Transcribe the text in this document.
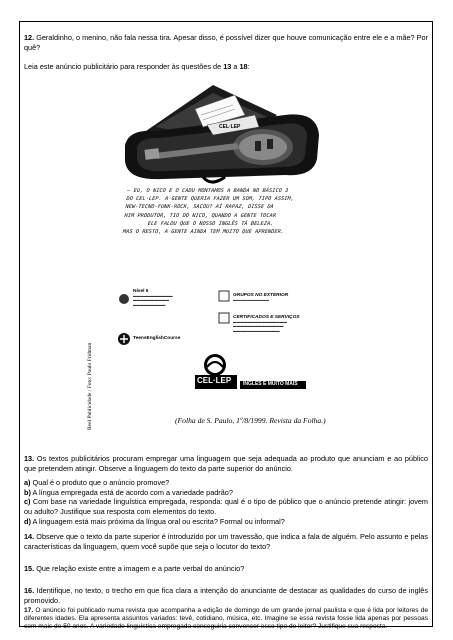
12. Geraldinho, o menino, não fala nessa tira. Apesar disso, é possível dizer que houve comunicação entre ele e a mãe? Por quê?

Leia este anúncio publicitário para responder às questões de 13 a 18:

CEL·LEP
— EU, O NICO E O CADU MONTAMOS A BANDA NO BÁSICO 3
DO CEL·LEP. A GENTE QUERIA FAZER UM SOM, TIPO ASSIM,
NEW-TECNO-FUNK-ROCK, SACOU? AÍ RAPAZ, DISSE DA
HIM PRODUTOR, TIO DO NICO, QUANDO A GENTE TOCAR
ELE FALOU QUE O NOSSO INGLÊS TÁ BELEZA.
MAS O RESTO, A GENTE AINDA TEM MUITO QUE APRENDER.
Reel Publicidade / Foto: Paulo Fridman
Nível 5
▬▬▬▬▬▬▬▬▬▬▬
▬▬▬▬▬▬▬▬▬▬
▬▬▬▬▬▬▬▬▬
GRUPOS NO EXTERIOR
▬▬▬▬▬▬▬▬▬▬
CERTIFICADOS E SERVIÇOS
▬▬▬▬▬▬▬▬▬▬▬▬▬▬▬
▬▬▬▬▬▬▬▬▬▬▬▬▬▬
▬▬▬▬▬▬▬▬▬▬▬▬▬
TeensEnglishCourse
CEL·LEP INGLÊS E MUITO MAIS
(Folha de S. Paulo, 1º/8/1999. Revista da Folha.)
13. Os textos publicitários procuram empregar uma linguagem que seja adequada ao produto que anunciam e ao público que pretendem atingir. Observe a linguagem do texto da parte superior do anúncio.
a) Qual é o produto que o anúncio promove?
b) A língua empregada está de acordo com a variedade padrão?
c) Com base na variedade linguística empregada, responda: qual é o tipo de público que o anúncio pretende atingir: jovem ou adulto? Justifique sua resposta com elementos do texto.
d) A linguagem está mais próxima da língua oral ou escrita? Formal ou informal?

14. Observe que o texto da parte superior é introduzido por um travessão, que indica a fala de alguém. Pelo assunto e pelas características da linguagem, quem você supõe que seja o locutor do texto?

15. Que relação existe entre a imagem e a parte verbal do anúncio?

16. Identifique, no texto, o trecho em que fica clara a intenção do anunciante de destacar as qualidades do curso de inglês promovido.

17. O anúncio foi publicado numa revista que acompanha a edição de domingo de um grande jornal paulista e que é lida por leitores de diferentes idades. Ela apresenta assuntos variados: tevê, cotidiano, música, etc. Imagine se essa revista fosse lida apenas por pessoas com mais de 50 anos. A variedade linguística empregada conseguiria convencer esse tipo de leitor? Justifique sua resposta.
